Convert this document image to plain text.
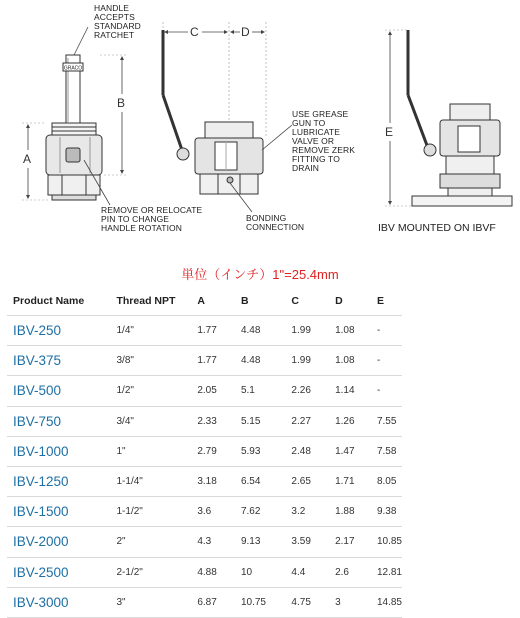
GRACO
HANDLE ACCEPTS STANDARD RATCHET
B
A
REMOVE OR RELOCATE PIN TO CHANGE HANDLE ROTATION
C	D
USE GREASE GUN TO LUBRICATE VALVE OR REMOVE ZERK FITTING TO DRAIN
BONDING CONNECTION
E
IBV MOUNTED ON IBVF
単位（インチ）1"=25.4mm
Product Name	Thread NPT	A	B	C	D	E
IBV-250	1/4"	1.77	4.48	1.99	1.08	-
IBV-375	3/8"	1.77	4.48	1.99	1.08	-
IBV-500	1/2"	2.05	5.1	2.26	1.14	-
IBV-750	3/4"	2.33	5.15	2.27	1.26	7.55
IBV-1000	1"	2.79	5.93	2.48	1.47	7.58
IBV-1250	1-1/4"	3.18	6.54	2.65	1.71	8.05
IBV-1500	1-1/2"	3.6	7.62	3.2	1.88	9.38
IBV-2000	2"	4.3	9.13	3.59	2.17	10.85
IBV-2500	2-1/2"	4.88	10	4.4	2.6	12.81
IBV-3000	3"	6.87	10.75	4.75	3	14.85
